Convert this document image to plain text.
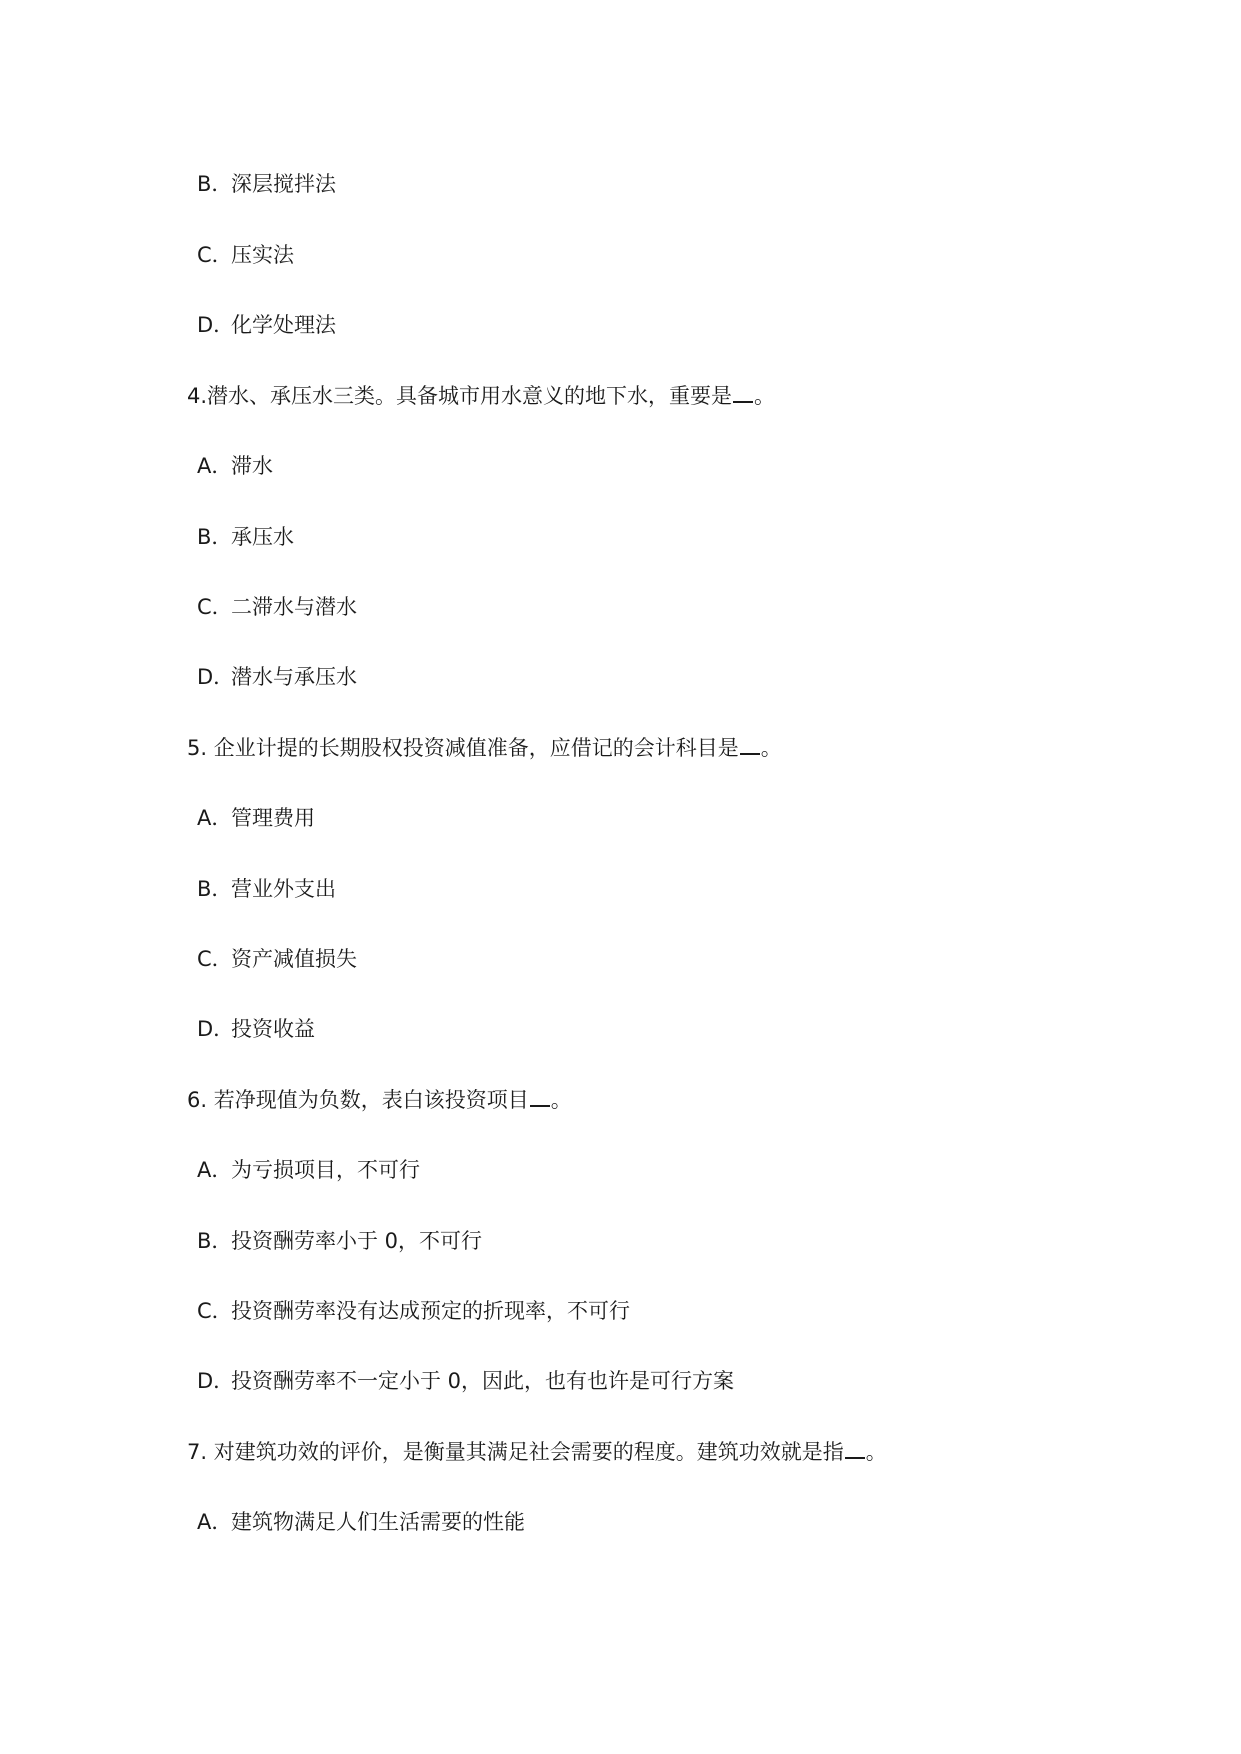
B．深层搅拌法
C．压实法
D．化学处理法
4.潜水、承压水三类。具备城市用水意义的地下水，重要是 。
A．滞水
B．承压水
C．二滞水与潜水
D．潜水与承压水
5. 企业计提的长期股权投资减值准备，应借记的会计科目是 。
A．管理费用
B．营业外支出
C．资产减值损失
D．投资收益
6. 若净现值为负数，表白该投资项目 。
A．为亏损项目，不可行
B．投资酬劳率小于 0，不可行
C．投资酬劳率没有达成预定的折现率，不可行
D．投资酬劳率不一定小于 0，因此，也有也许是可行方案
7. 对建筑功效的评价，是衡量其满足社会需要的程度。建筑功效就是指 。
A．建筑物满足人们生活需要的性能
